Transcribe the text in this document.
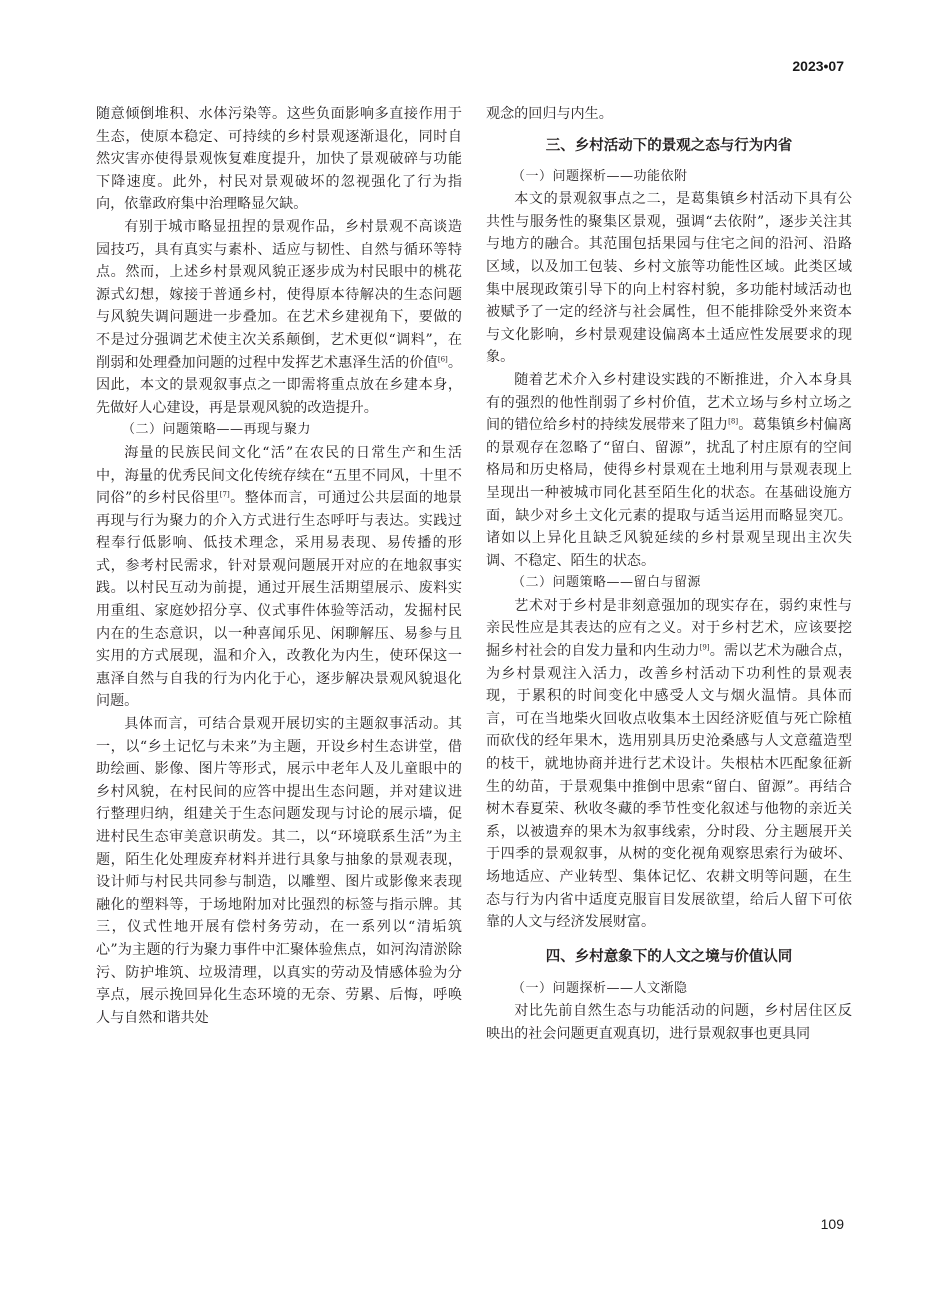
2023•07

随意倾倒堆积、水体污染等。这些负面影响多直接作用于生态，使原本稳定、可持续的乡村景观逐渐退化，同时自然灾害亦使得景观恢复难度提升，加快了景观破碎与功能下降速度。此外，村民对景观破坏的忽视强化了行为指向，依靠政府集中治理略显欠缺。

有别于城市略显扭捏的景观作品，乡村景观不高谈造园技巧，具有真实与素朴、适应与韧性、自然与循环等特点。然而，上述乡村景观风貌正逐步成为村民眼中的桃花源式幻想，嫁接于普通乡村，使得原本待解决的生态问题与风貌失调问题进一步叠加。在艺术乡建视角下，要做的不是过分强调艺术使主次关系颠倒，艺术更似“调料”，在削弱和处理叠加问题的过程中发挥艺术惠泽生活的价值[6]。因此，本文的景观叙事点之一即需将重点放在乡建本身，先做好人心建设，再是景观风貌的改造提升。

（二）问题策略——再现与聚力

海量的民族民间文化“活”在农民的日常生产和生活中，海量的优秀民间文化传统存续在“五里不同风，十里不同俗”的乡村民俗里[7]。整体而言，可通过公共层面的地景再现与行为聚力的介入方式进行生态呼吁与表达。实践过程奉行低影响、低技术理念，采用易表现、易传播的形式，参考村民需求，针对景观问题展开对应的在地叙事实践。以村民互动为前提，通过开展生活期望展示、废料实用重组、家庭妙招分享、仪式事件体验等活动，发掘村民内在的生态意识，以一种喜闻乐见、闲聊解压、易参与且实用的方式展现，温和介入，改教化为内生，使环保这一惠泽自然与自我的行为内化于心，逐步解决景观风貌退化问题。

具体而言，可结合景观开展切实的主题叙事活动。其一，以“乡土记忆与未来”为主题，开设乡村生态讲堂，借助绘画、影像、图片等形式，展示中老年人及儿童眼中的乡村风貌，在村民间的应答中提出生态问题，并对建议进行整理归纳，组建关于生态问题发现与讨论的展示墙，促进村民生态审美意识萌发。其二，以“环境联系生活”为主题，陌生化处理废弃材料并进行具象与抽象的景观表现，设计师与村民共同参与制造，以雕塑、图片或影像来表现融化的塑料等，于场地附加对比强烈的标签与指示牌。其三，仪式性地开展有偿村务劳动，在一系列以“清垢筑心”为主题的行为聚力事件中汇聚体验焦点，如河沟清淤除污、防护堆筑、垃圾清理，以真实的劳动及情感体验为分享点，展示挽回异化生态环境的无奈、劳累、后悔，呼唤人与自然和谐共处

观念的回归与内生。

三、乡村活动下的景观之态与行为内省

（一）问题探析——功能依附

本文的景观叙事点之二，是葛集镇乡村活动下具有公共性与服务性的聚集区景观，强调“去依附”，逐步关注其与地方的融合。其范围包括果园与住宅之间的沿河、沿路区域，以及加工包装、乡村文旅等功能性区域。此类区域集中展现政策引导下的向上村容村貌，多功能村域活动也被赋予了一定的经济与社会属性，但不能排除受外来资本与文化影响，乡村景观建设偏离本土适应性发展要求的现象。

随着艺术介入乡村建设实践的不断推进，介入本身具有的强烈的他性削弱了乡村价值，艺术立场与乡村立场之间的错位给乡村的持续发展带来了阻力[8]。葛集镇乡村偏离的景观存在忽略了“留白、留源”，扰乱了村庄原有的空间格局和历史格局，使得乡村景观在土地利用与景观表现上呈现出一种被城市同化甚至陌生化的状态。在基础设施方面，缺少对乡土文化元素的提取与适当运用而略显突兀。诸如以上异化且缺乏风貌延续的乡村景观呈现出主次失调、不稳定、陌生的状态。

（二）问题策略——留白与留源

艺术对于乡村是非刻意强加的现实存在，弱约束性与亲民性应是其表达的应有之义。对于乡村艺术，应该要挖掘乡村社会的自发力量和内生动力[9]。需以艺术为融合点，为乡村景观注入活力，改善乡村活动下功利性的景观表现，于累积的时间变化中感受人文与烟火温情。具体而言，可在当地柴火回收点收集本土因经济贬值与死亡除植而砍伐的经年果木，选用别具历史沧桑感与人文意蕴造型的枝干，就地协商并进行艺术设计。失根枯木匹配象征新生的幼苗，于景观集中推倒中思索“留白、留源”。再结合树木春夏荣、秋收冬藏的季节性变化叙述与他物的亲近关系，以被遗弃的果木为叙事线索，分时段、分主题展开关于四季的景观叙事，从树的变化视角观察思索行为破坏、场地适应、产业转型、集体记忆、农耕文明等问题，在生态与行为内省中适度克服盲目发展欲望，给后人留下可依靠的人文与经济发展财富。

四、乡村意象下的人文之境与价值认同

（一）问题探析——人文渐隐

对比先前自然生态与功能活动的问题，乡村居住区反映出的社会问题更直观真切，进行景观叙事也更具同

109
